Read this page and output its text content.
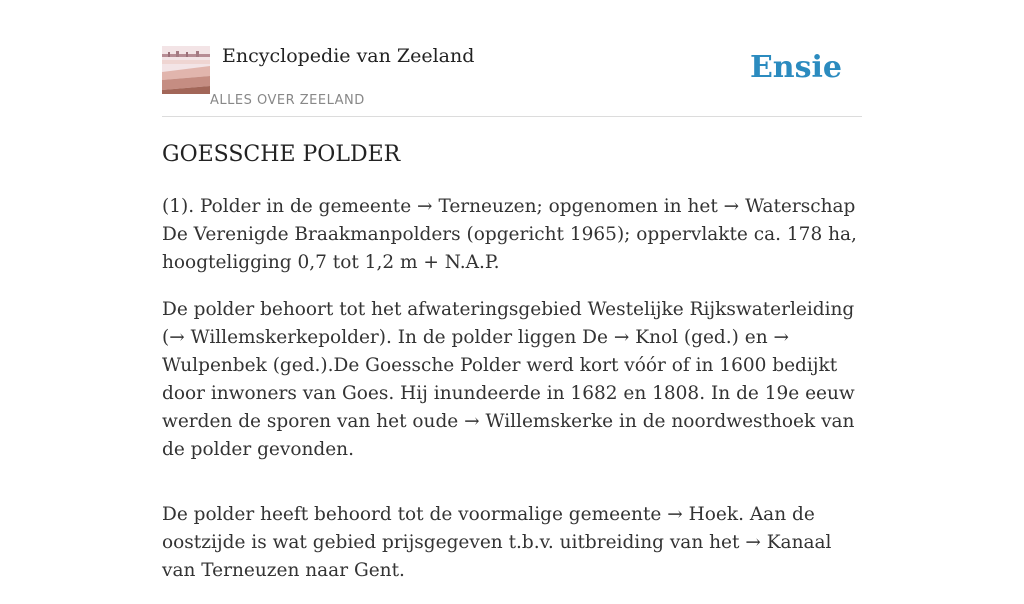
Encyclopedie van Zeeland
ALLES OVER ZEELAND
Ensie
GOESSCHE POLDER

(1). Polder in de gemeente → Terneuzen; opgenomen in het → Waterschap De Verenigde Braakmanpolders (opgericht 1965); oppervlakte ca. 178 ha, hoogteligging 0,7 tot 1,2 m + N.A.P.

De polder behoort tot het afwateringsgebied Westelijke Rijkswaterleiding (→ Willemskerkepolder). In de polder liggen De → Knol (ged.) en → Wulpenbek (ged.).De Goessche Polder werd kort vóór of in 1600 bedijkt door inwoners van Goes. Hij inundeerde in 1682 en 1808. In de 19e eeuw werden de sporen van het oude → Willemskerke in de noordwesthoek van de polder gevonden.

De polder heeft behoord tot de voormalige gemeente → Hoek. Aan de oostzijde is wat gebied prijsgegeven t.b.v. uitbreiding van het → Kanaal van Terneuzen naar Gent.
